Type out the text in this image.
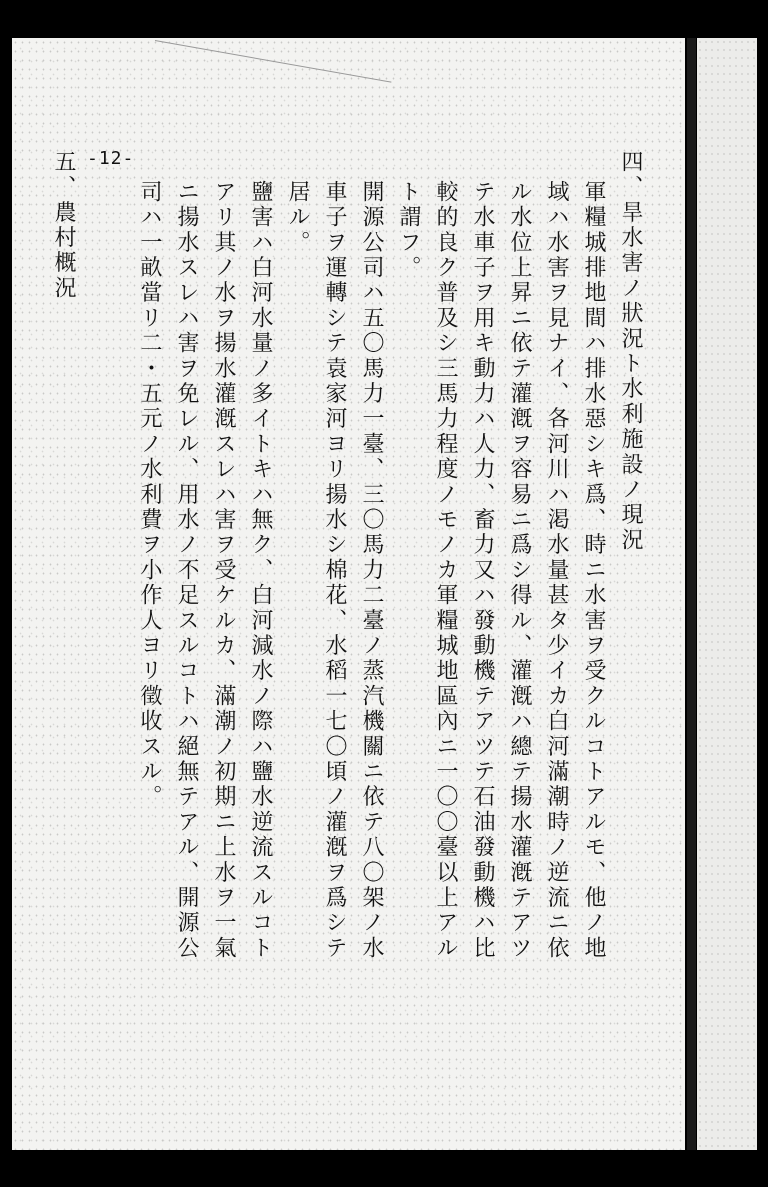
四、旱水害ノ狀況ト水利施設ノ現況
軍糧城排地間ハ排水惡シキ爲、時ニ水害ヲ受クルコトアルモ、他ノ地
域ハ水害ヲ見ナイ、各河川ハ渇水量甚タ少イカ白河滿潮時ノ逆流ニ依
ル水位上昇ニ依テ灌漑ヲ容易ニ爲シ得ル、灌漑ハ總テ揚水灌漑テアツ
テ水車子ヲ用キ動力ハ人力、畜力又ハ發動機テアツテ石油發動機ハ比
較的良ク普及シ三馬力程度ノモノカ軍糧城地區內ニ一〇〇臺以上アル
ト謂フ。
開源公司ハ五〇馬力一臺、三〇馬力二臺ノ蒸汽機關ニ依テ八〇架ノ水
車子ヲ運轉シテ袁家河ヨリ揚水シ棉花、水稻一七〇頃ノ灌漑ヲ爲シテ
居ル。
鹽害ハ白河水量ノ多イトキハ無ク、白河減水ノ際ハ鹽水逆流スルコト
アリ其ノ水ヲ揚水灌漑スレハ害ヲ受ケルカ、滿潮ノ初期ニ上水ヲ一氣
ニ揚水スレハ害ヲ免レル、用水ノ不足スルコトハ絕無テアル、開源公
司ハ一畝當リ二・五元ノ水利費ヲ小作人ヨリ徵收スル。
五、農村概況 -12-
